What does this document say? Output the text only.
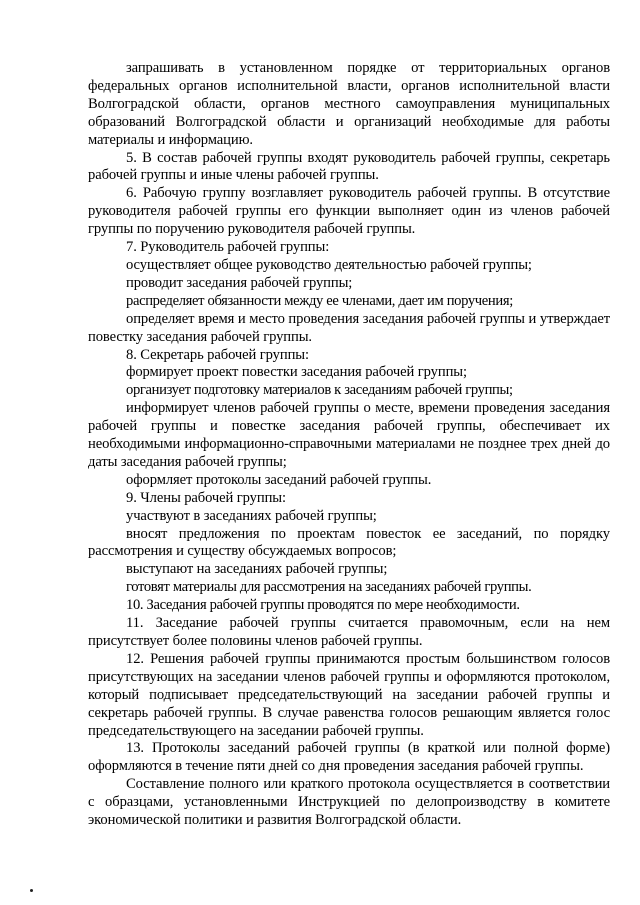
запрашивать в установленном порядке от территориальных органов федеральных органов исполнительной власти, органов исполнительной власти Волгоградской области, органов местного самоуправления муниципальных образований Волгоградской области и организаций необходимые для работы материалы и информацию.

5. В состав рабочей группы входят руководитель рабочей группы, секретарь рабочей группы и иные члены рабочей группы.

6. Рабочую группу возглавляет руководитель рабочей группы. В отсутствие руководителя рабочей группы его функции выполняет один из членов рабочей группы по поручению руководителя рабочей группы.

7. Руководитель рабочей группы:

осуществляет общее руководство деятельностью рабочей группы;

проводит заседания рабочей группы;

распределяет обязанности между ее членами, дает им поручения;

определяет время и место проведения заседания рабочей группы и утверждает повестку заседания рабочей группы.

8. Секретарь рабочей группы:

формирует проект повестки заседания рабочей группы;

организует подготовку материалов к заседаниям рабочей группы;

информирует членов рабочей группы о месте, времени проведения заседания рабочей группы и повестке заседания рабочей группы, обеспечивает их необходимыми информационно-справочными материалами не позднее трех дней до даты заседания рабочей группы;

оформляет протоколы заседаний рабочей группы.

9. Члены рабочей группы:

участвуют в заседаниях рабочей группы;

вносят предложения по проектам повесток ее заседаний, по порядку рассмотрения и существу обсуждаемых вопросов;

выступают на заседаниях рабочей группы;

готовят материалы для рассмотрения на заседаниях рабочей группы.

10. Заседания рабочей группы проводятся по мере необходимости.

11. Заседание рабочей группы считается правомочным, если на нем присутствует более половины членов рабочей группы.

12. Решения рабочей группы принимаются простым большинством голосов присутствующих на заседании членов рабочей группы и оформляются протоколом, который подписывает председательствующий на заседании рабочей группы и секретарь рабочей группы. В случае равенства голосов решающим является голос председательствующего на заседании рабочей группы.

13. Протоколы заседаний рабочей группы (в краткой или полной форме) оформляются в течение пяти дней со дня проведения заседания рабочей группы.

Составление полного или краткого протокола осуществляется в соответствии с образцами, установленными Инструкцией по делопроизводству в комитете экономической политики и развития Волгоградской области.
